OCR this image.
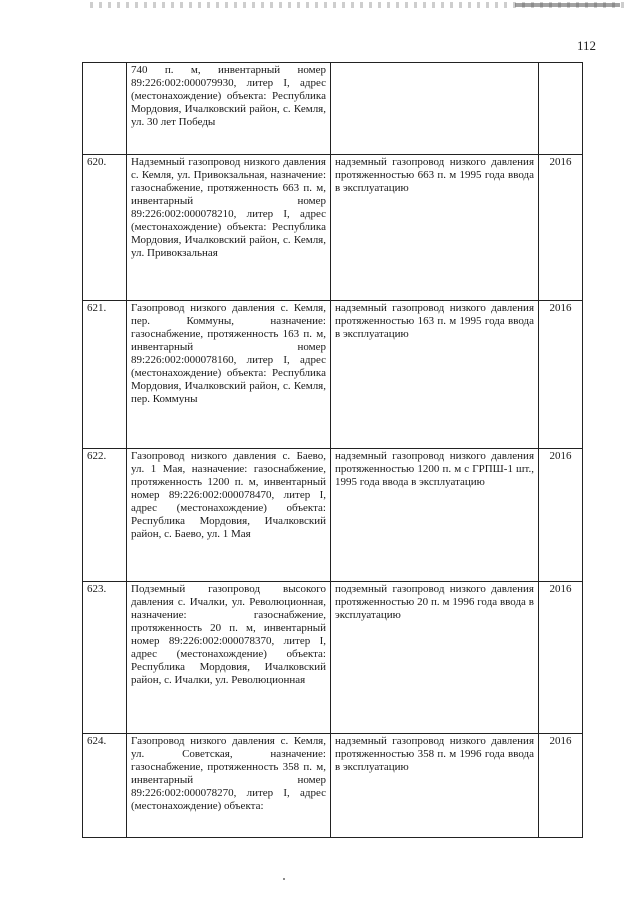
112
	740 п. м, инвентарный номер 89:226:002:000079930, литер I, адрес (местонахождение) объекта: Республика Мордовия, Ичалковский район, с. Кемля, ул. 30 лет Победы		
620.	Надземный газопровод низкого давления с. Кемля, ул. Привокзальная, назначение: газоснабжение, протяженность 663 п. м, инвентарный номер 89:226:002:000078210, литер I, адрес (местонахождение) объекта: Республика Мордовия, Ичалковский район, с. Кемля, ул. Привокзальная	надземный газопровод низкого давления протяженностью 663 п. м 1995 года ввода в эксплуатацию	2016
621.	Газопровод низкого давления с. Кемля, пер. Коммуны, назначение: газоснабжение, протяженность 163 п. м, инвентарный номер 89:226:002:000078160, литер I, адрес (местонахождение) объекта: Республика Мордовия, Ичалковский район, с. Кемля, пер. Коммуны	надземный газопровод низкого давления протяженностью 163 п. м 1995 года ввода в эксплуатацию	2016
622.	Газопровод низкого давления с. Баево, ул. 1 Мая, назначение: газоснабжение, протяженность 1200 п. м, инвентарный номер 89:226:002:000078470, литер I, адрес (местонахождение) объекта: Республика Мордовия, Ичалковский район, с. Баево, ул. 1 Мая	надземный газопровод низкого давления протяженностью 1200 п. м с ГРПШ-1 шт., 1995 года ввода в эксплуатацию	2016
623.	Подземный газопровод высокого давления с. Ичалки, ул. Революционная, назначение: газоснабжение, протяженность 20 п. м, инвентарный номер 89:226:002:000078370, литер I, адрес (местонахождение) объекта: Республика Мордовия, Ичалковский район, с. Ичалки, ул. Революционная	подземный газопровод низкого давления протяженностью 20 п. м 1996 года ввода в эксплуатацию	2016
624.	Газопровод низкого давления с. Кемля, ул. Советская, назначение: газоснабжение, протяженность 358 п. м, инвентарный номер 89:226:002:000078270, литер I, адрес (местонахождение) объекта:	надземный газопровод низкого давления протяженностью 358 п. м 1996 года ввода в эксплуатацию	2016
